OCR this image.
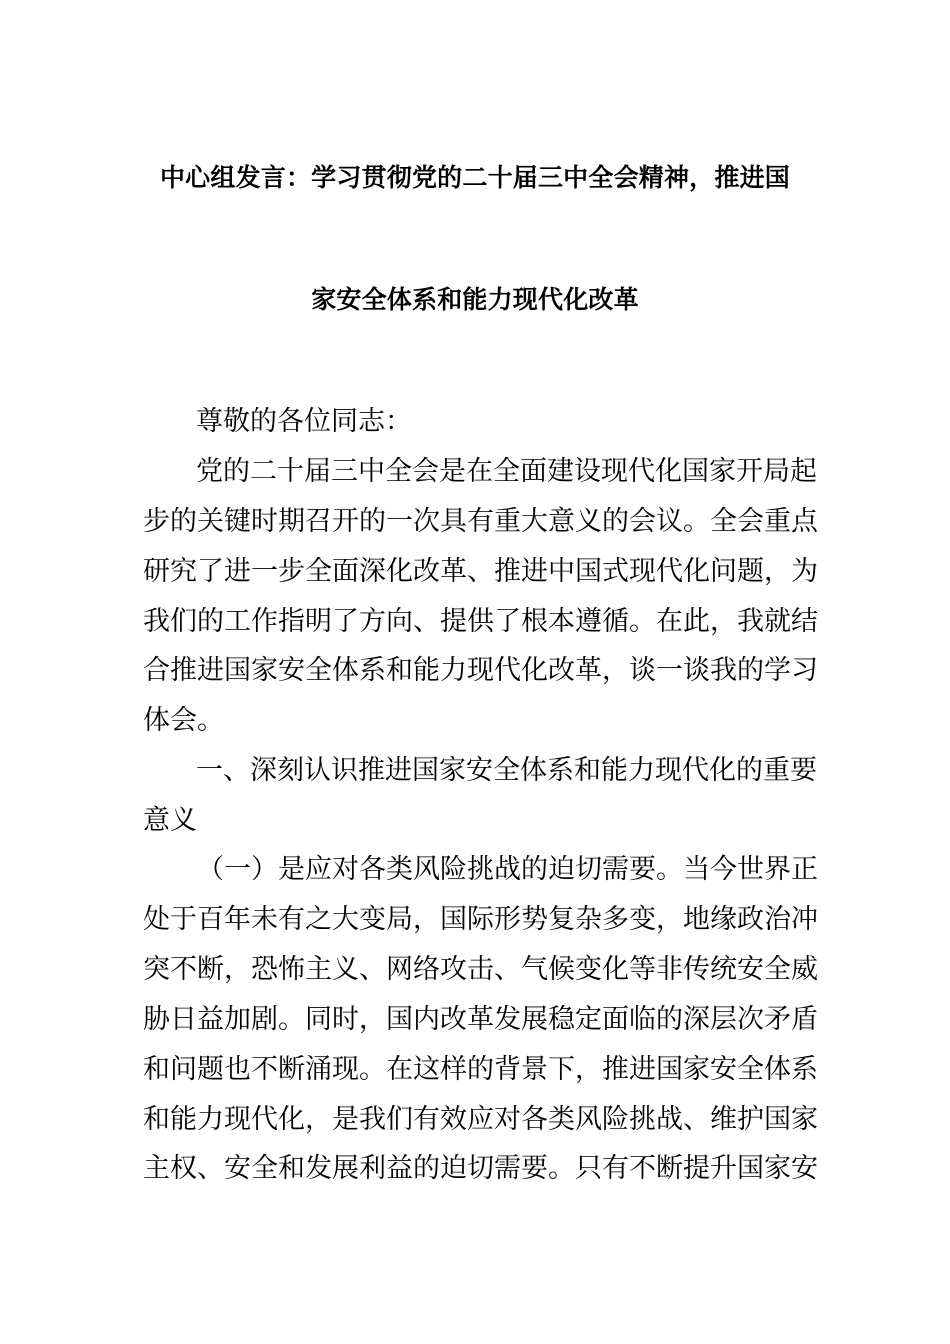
中心组发言：学习贯彻党的二十届三中全会精神，推进国
家安全体系和能力现代化改革
尊敬的各位同志：
党的二十届三中全会是在全面建设现代化国家开局起
步的关键时期召开的一次具有重大意义的会议。全会重点
研究了进一步全面深化改革、推进中国式现代化问题，为
我们的工作指明了方向、提供了根本遵循。在此，我就结
合推进国家安全体系和能力现代化改革，谈一谈我的学习
体会。
一、深刻认识推进国家安全体系和能力现代化的重要
意义
（一）是应对各类风险挑战的迫切需要。当今世界正
处于百年未有之大变局，国际形势复杂多变，地缘政治冲
突不断，恐怖主义、网络攻击、气候变化等非传统安全威
胁日益加剧。同时，国内改革发展稳定面临的深层次矛盾
和问题也不断涌现。在这样的背景下，推进国家安全体系
和能力现代化，是我们有效应对各类风险挑战、维护国家
主权、安全和发展利益的迫切需要。只有不断提升国家安
